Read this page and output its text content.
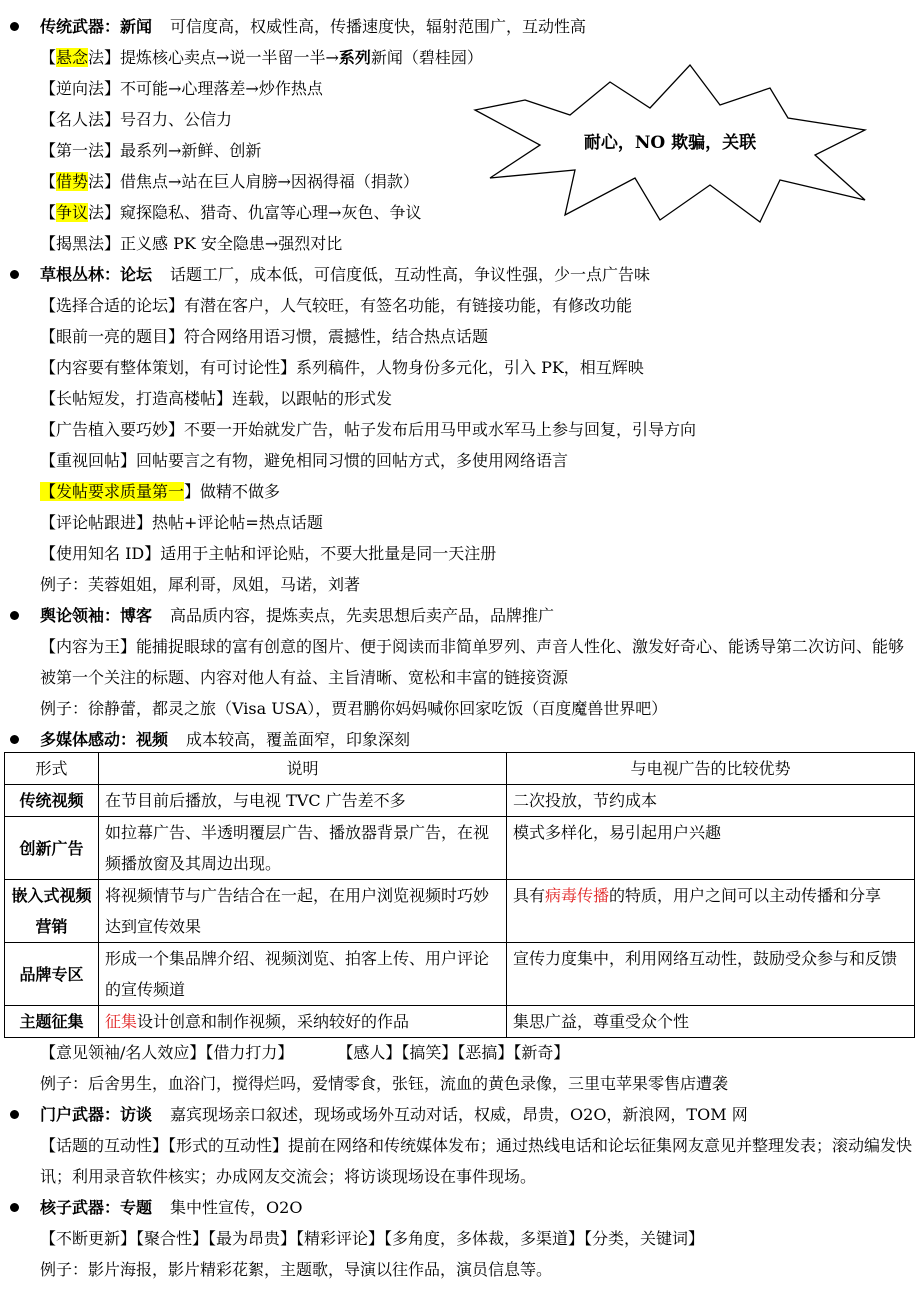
传统武器：新闻 可信度高，权威性高，传播速度快，辐射范围广，互动性高
【悬念法】提炼核心卖点→说一半留一半→系列新闻（碧桂园）
【逆向法】不可能→心理落差→炒作热点
【名人法】号召力、公信力
【第一法】最系列→新鲜、创新
【借势法】借焦点→站在巨人肩膀→因祸得福（捐款）
【争议法】窥探隐私、猎奇、仇富等心理→灰色、争议
【揭黑法】正义感 PK 安全隐患→强烈对比
耐心，NO 欺骗，关联
草根丛林：论坛 话题工厂，成本低，可信度低，互动性高，争议性强，少一点广告味
【选择合适的论坛】有潜在客户，人气较旺，有签名功能，有链接功能，有修改功能
【眼前一亮的题目】符合网络用语习惯，震撼性，结合热点话题
【内容要有整体策划，有可讨论性】系列稿件，人物身份多元化，引入 PK，相互辉映
【长帖短发，打造高楼帖】连载，以跟帖的形式发
【广告植入要巧妙】不要一开始就发广告，帖子发布后用马甲或水军马上参与回复，引导方向
【重视回帖】回帖要言之有物，避免相同习惯的回帖方式，多使用网络语言
【发帖要求质量第一】做精不做多
【评论帖跟进】热帖+评论帖=热点话题
【使用知名 ID】适用于主帖和评论贴，不要大批量是同一天注册
例子：芙蓉姐姐，犀利哥，凤姐，马诺，刘著
舆论领袖：博客 高品质内容，提炼卖点，先卖思想后卖产品，品牌推广
【内容为王】能捕捉眼球的富有创意的图片、便于阅读而非简单罗列、声音人性化、激发好奇心、能诱导第二次访问、能够被第一个关注的标题、内容对他人有益、主旨清晰、宽松和丰富的链接资源
例子：徐静蕾，都灵之旅（Visa USA），贾君鹏你妈妈喊你回家吃饭（百度魔兽世界吧）
多媒体感动：视频 成本较高，覆盖面窄，印象深刻
形式	说明	与电视广告的比较优势
传统视频	在节目前后播放，与电视 TVC 广告差不多	二次投放，节约成本
创新广告	如拉幕广告、半透明覆层广告、播放器背景广告，在视频播放窗及其周边出现。	模式多样化，易引起用户兴趣
嵌入式视频营销	将视频情节与广告结合在一起，在用户浏览视频时巧妙达到宣传效果	具有病毒传播的特质，用户之间可以主动传播和分享
品牌专区	形成一个集品牌介绍、视频浏览、拍客上传、用户评论的宣传频道	宣传力度集中，利用网络互动性，鼓励受众参与和反馈
主题征集	征集设计创意和制作视频，采纳较好的作品	集思广益，尊重受众个性
【意见领袖/名人效应】【借力打力】	【感人】【搞笑】【恶搞】【新奇】
例子：后舍男生，血浴门，搅得烂吗，爱情零食，张钰，流血的黄色录像，三里屯苹果零售店遭袭
门户武器：访谈 嘉宾现场亲口叙述，现场或场外互动对话，权威，昂贵，O2O，新浪网，TOM 网
【话题的互动性】【形式的互动性】提前在网络和传统媒体发布；通过热线电话和论坛征集网友意见并整理发表；滚动编发快讯；利用录音软件核实；办成网友交流会；将访谈现场设在事件现场。
核子武器：专题 集中性宣传，O2O
【不断更新】【聚合性】【最为昂贵】【精彩评论】【多角度，多体裁，多渠道】【分类，关键词】
例子：影片海报，影片精彩花絮，主题歌，导演以往作品，演员信息等。
